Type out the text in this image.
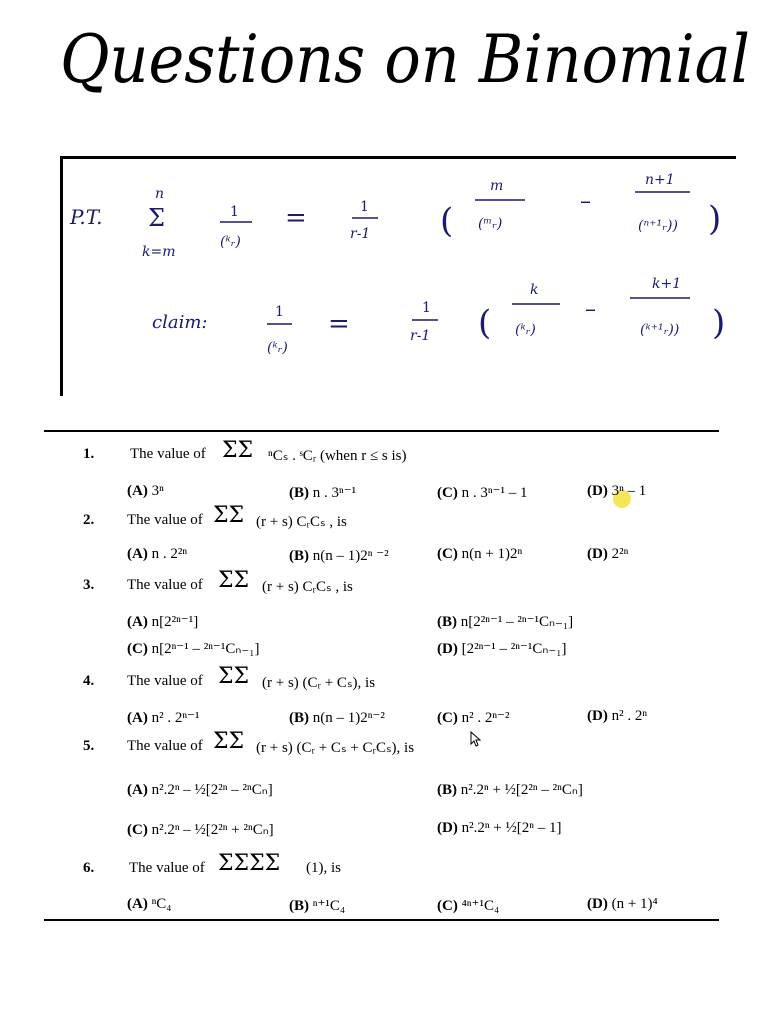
Questions on Binomial
P.T.
n
Σ
k=m
1
(ᵏᵣ)
=	1
r-1 (
m
(ᵐᵣ)
–
n+1
(ⁿ⁺¹ᵣ)) )
claim:	1
(ᵏᵣ)
=
1
r-1 (
k
(ᵏᵣ)
–
k+1
(ᵏ⁺¹ᵣ)) )
1. The value of ΣΣ ⁿCₛ . ˢCᵣ (when r ≤ s is)
(A) 3ⁿ	(B) n . 3ⁿ⁻¹	(C) n . 3ⁿ⁻¹ – 1	(D) 3ⁿ – 1
2. The value of ΣΣ (r + s) CᵣCₛ , is
(A) n . 2²ⁿ	(B) n(n – 1)2ⁿ ⁻²	(C) n(n + 1)2ⁿ	(D) 2²ⁿ
3. The value of ΣΣ (r + s) CᵣCₛ , is
(A) n[2²ⁿ⁻¹]	(B) n[2²ⁿ⁻¹ – ²ⁿ⁻¹Cₙ₋₁]
(C) n[2ⁿ⁻¹ – ²ⁿ⁻¹Cₙ₋₁]	(D) [2²ⁿ⁻¹ – ²ⁿ⁻¹Cₙ₋₁]
4. The value of ΣΣ (r + s) (Cᵣ + Cₛ), is
(A) n² . 2ⁿ⁻¹	(B) n(n – 1)2ⁿ⁻²	(C) n² . 2ⁿ⁻²	(D) n² . 2ⁿ
5. The value of ΣΣ (r + s) (Cᵣ + Cₛ + CᵣCₛ), is
(A) n².2ⁿ – ½[2²ⁿ – ²ⁿCₙ]	(B) n².2ⁿ + ½[2²ⁿ – ²ⁿCₙ]
(C) n².2ⁿ – ½[2²ⁿ + ²ⁿCₙ]	(D) n².2ⁿ + ½[2ⁿ – 1]
6. The value of ΣΣΣΣ (1), is
(A) ⁿC₄	(B) ⁿ⁺¹C₄	(C) ⁴ⁿ⁺¹C₄	(D) (n + 1)⁴
